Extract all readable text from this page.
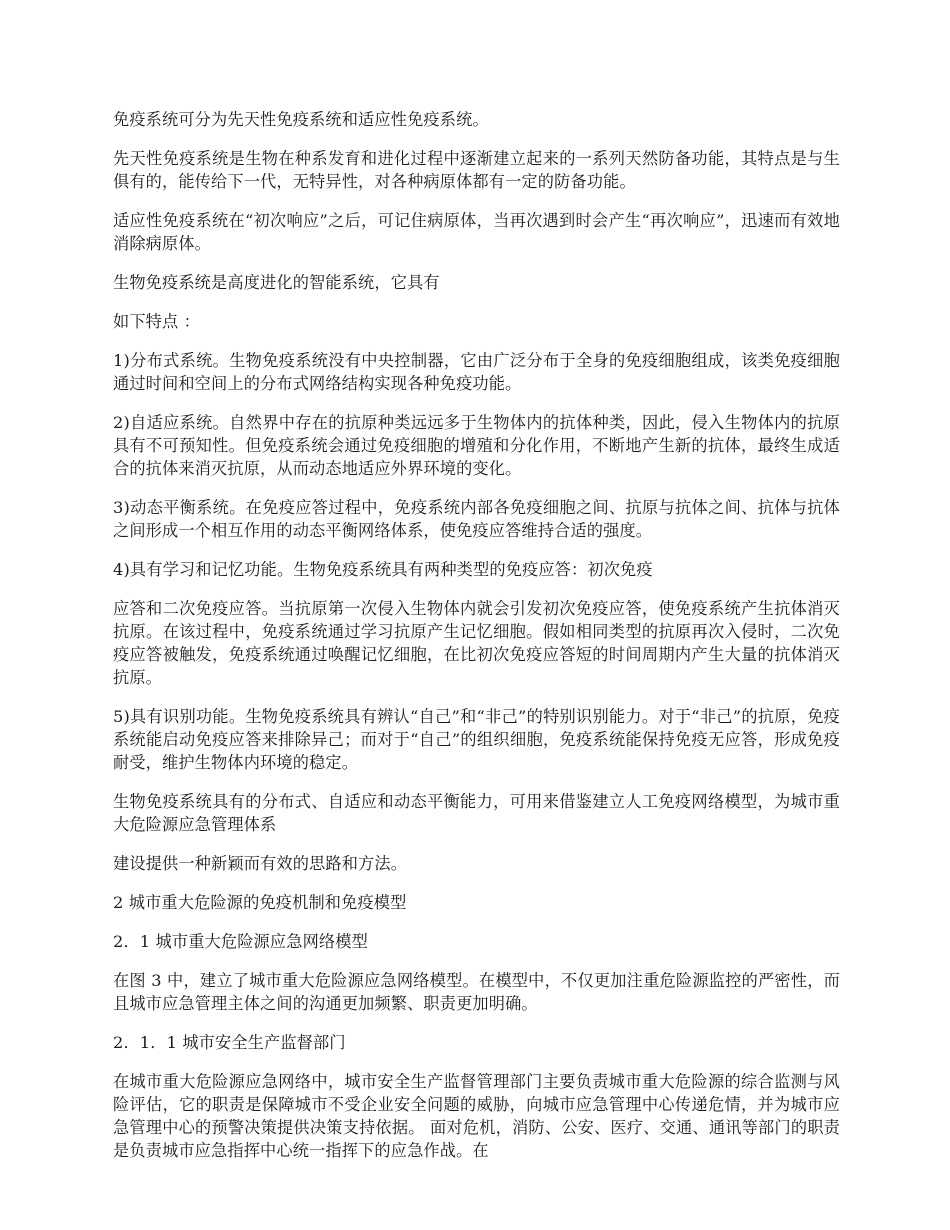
免疫系统可分为先天性免疫系统和适应性免疫系统。

先天性免疫系统是生物在种系发育和进化过程中逐渐建立起来的一系列天然防备功能，其特点是与生俱有的，能传给下一代，无特异性，对各种病原体都有一定的防备功能。

适应性免疫系统在“初次响应”之后，可记住病原体，当再次遇到时会产生“再次响应”，迅速而有效地消除病原体。

生物免疫系统是高度进化的智能系统，它具有

如下特点 ：

1)分布式系统。生物免疫系统没有中央控制器，它由广泛分布于全身的免疫细胞组成，该类免疫细胞通过时间和空间上的分布式网络结构实现各种免疫功能。

2)自适应系统。自然界中存在的抗原种类远远多于生物体内的抗体种类，因此，侵入生物体内的抗原具有不可预知性。但免疫系统会通过免疫细胞的增殖和分化作用，不断地产生新的抗体，最终生成适合的抗体来消灭抗原，从而动态地适应外界环境的变化。

3)动态平衡系统。在免疫应答过程中，免疫系统内部各免疫细胞之间、抗原与抗体之间、抗体与抗体之间形成一个相互作用的动态平衡网络体系，使免疫应答维持合适的强度。

4)具有学习和记忆功能。生物免疫系统具有两种类型的免疫应答：初次免疫

应答和二次免疫应答。当抗原第一次侵入生物体内就会引发初次免疫应答，使免疫系统产生抗体消灭抗原。在该过程中，免疫系统通过学习抗原产生记忆细胞。假如相同类型的抗原再次入侵时，二次免疫应答被触发，免疫系统通过唤醒记忆细胞，在比初次免疫应答短的时间周期内产生大量的抗体消灭抗原。

5)具有识别功能。生物免疫系统具有辨认“自己”和“非己”的特别识别能力。对于“非己”的抗原，免疫系统能启动免疫应答来排除异己；而对于“自己”的组织细胞，免疫系统能保持免疫无应答，形成免疫耐受，维护生物体内环境的稳定。

生物免疫系统具有的分布式、自适应和动态平衡能力，可用来借鉴建立人工免疫网络模型，为城市重大危险源应急管理体系

建设提供一种新颖而有效的思路和方法。

2 城市重大危险源的免疫机制和免疫模型

2．1 城市重大危险源应急网络模型

在图 3 中，建立了城市重大危险源应急网络模型。在模型中，不仅更加注重危险源监控的严密性，而且城市应急管理主体之间的沟通更加频繁、职责更加明确。

2．1．1 城市安全生产监督部门

在城市重大危险源应急网络中，城市安全生产监督管理部门主要负责城市重大危险源的综合监测与风险评估，它的职责是保障城市不受企业安全问题的威胁，向城市应急管理中心传递危情，并为城市应急管理中心的预警决策提供决策支持依据。 面对危机，消防、公安、医疗、交通、通讯等部门的职责是负责城市应急指挥中心统一指挥下的应急作战。在
